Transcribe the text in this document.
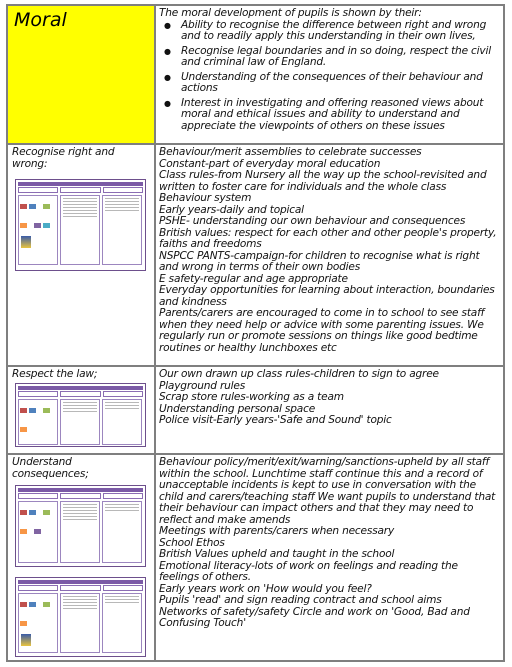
Moral	The moral development of pupils is shown by their:

● Ability to recognise the difference between right and wrong and to readily apply this understanding in their own lives,
● Recognise legal boundaries and in so doing, respect the civil and criminal law of England.
● Understanding of the consequences of their behaviour and actions
● Interest in investigating and offering reasoned views about moral and ethical issues and ability to understand and appreciate the viewpoints of others on these issues
Recognise right and wrong:

Behaviour/merit assemblies to celebrate successes

Constant-part of everyday moral education

Class rules-from Nursery all the way up the school-revisited and written to foster care for individuals and the whole class

Behaviour system

Early years-daily and topical

PSHE- understanding our own behaviour and consequences

British values: respect for each other and other people's property, faiths and freedoms

NSPCC PANTS-campaign-for children to recognise what is right and wrong in terms of their own bodies

E safety-regular and age appropriate

Everyday opportunities for learning about interaction, boundaries and kindness

Parents/carers are encouraged to come in to school to see staff when they need help or advice with some parenting issues. We regularly run or promote sessions on things like good bedtime routines or healthy lunchboxes etc

Respect the law;
	Our own drawn up class rules-children to sign to agree

Playground rules

Scrap store rules-working as a team

Understanding personal space

Police visit-Early years-'Safe and Sound' topic

Understand consequences;

Behaviour policy/merit/exit/warning/sanctions-upheld by all staff within the school. Lunchtime staff continue this and a record of unacceptable incidents is kept to use in conversation with the child and carers/teaching staff We want pupils to understand that their behaviour can impact others and that they may need to reflect and make amends

Meetings with parents/carers when necessary

School Ethos

British Values upheld and taught in the school

Emotional literacy-lots of work on feelings and reading the feelings of others.

Early years work on 'How would you feel?

Pupils 'read' and sign reading contract and school aims

Networks of safety/safety Circle and work on 'Good, Bad and Confusing Touch'
